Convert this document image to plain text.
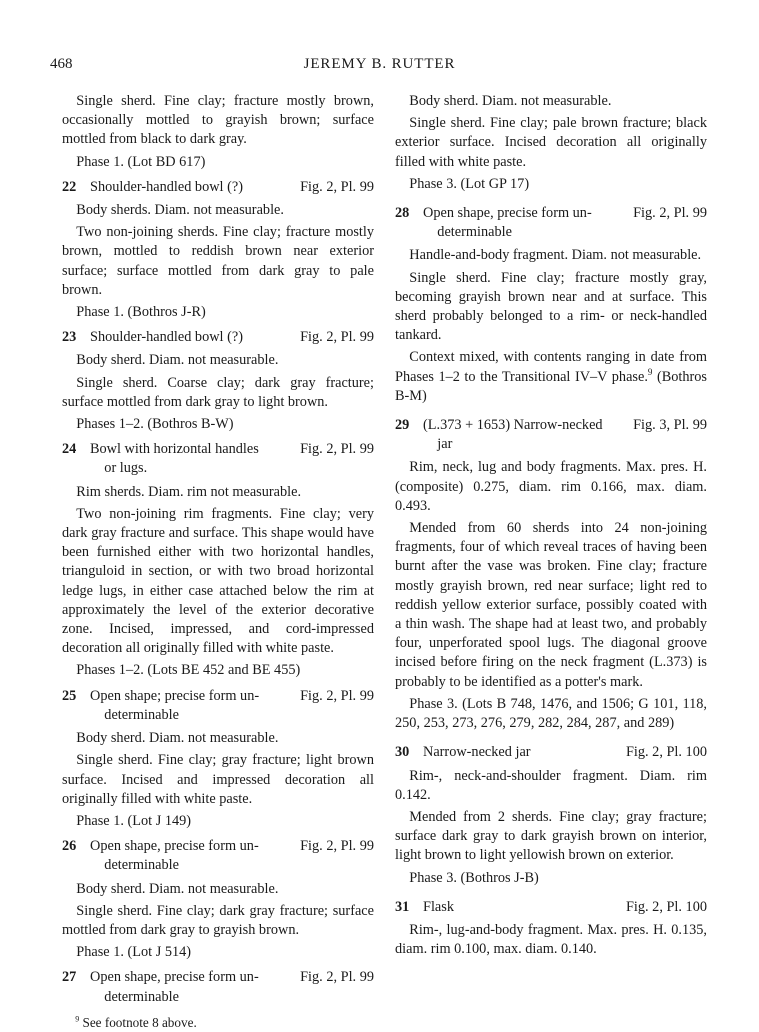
468	JEREMY B. RUTTER

Single sherd. Fine clay; fracture mostly brown, occasionally mottled to grayish brown; surface mottled from black to dark gray.

Phase 1. (Lot BD 617)

22 Shoulder-handled bowl (?)	Fig. 2, Pl. 99

Body sherds. Diam. not measurable.

Two non-joining sherds. Fine clay; fracture mostly brown, mottled to reddish brown near exterior surface; surface mottled from dark gray to pale brown.

Phase 1. (Bothros J-R)

23 Shoulder-handled bowl (?)	Fig. 2, Pl. 99

Body sherd. Diam. not measurable.

Single sherd. Coarse clay; dark gray fracture; surface mottled from dark gray to light brown.

Phases 1–2. (Bothros B-W)

24 Bowl with horizontal handles
or lugs.
Fig. 2, Pl. 99

Rim sherds. Diam. rim not measurable.

Two non-joining rim fragments. Fine clay; very dark gray fracture and surface. This shape would have been furnished either with two horizontal handles, trianguloid in section, or with two broad horizontal ledge lugs, in either case attached below the rim at approximately the level of the exterior decorative zone. Incised, impressed, and cord-impressed decoration all originally filled with white paste.

Phases 1–2. (Lots BE 452 and BE 455)

25 Open shape; precise form un-
determinable
Fig. 2, Pl. 99

Body sherd. Diam. not measurable.

Single sherd. Fine clay; gray fracture; light brown surface. Incised and impressed decoration all originally filled with white paste.

Phase 1. (Lot J 149)

26 Open shape, precise form un-
determinable
Fig. 2, Pl. 99

Body sherd. Diam. not measurable.

Single sherd. Fine clay; dark gray fracture; surface mottled from dark gray to grayish brown.

Phase 1. (Lot J 514)

27 Open shape, precise form un-
determinable
Fig. 2, Pl. 99
$^9$ See footnote 8 above.

Body sherd. Diam. not measurable.

Single sherd. Fine clay; pale brown fracture; black exterior surface. Incised decoration all originally filled with white paste.

Phase 3. (Lot GP 17)

28 Open shape, precise form un-
determinable
Fig. 2, Pl. 99

Handle-and-body fragment. Diam. not measurable.

Single sherd. Fine clay; fracture mostly gray, becoming grayish brown near and at surface. This sherd probably belonged to a rim- or neck-handled tankard.

Context mixed, with contents ranging in date from Phases 1–2 to the Transitional IV–V phase.$^9$ (Bothros B-M)

29 (L.373 + 1653) Narrow-necked
jar
Fig. 3, Pl. 99

Rim, neck, lug and body fragments. Max. pres. H. (composite) 0.275, diam. rim 0.166, max. diam. 0.493.

Mended from 60 sherds into 24 non-joining fragments, four of which reveal traces of having been burnt after the vase was broken. Fine clay; fracture mostly grayish brown, red near surface; light red to reddish yellow exterior surface, possibly coated with a thin wash. The shape had at least two, and probably four, unperforated spool lugs. The diagonal groove incised before firing on the neck fragment (L.373) is probably to be identified as a potter's mark.

Phase 3. (Lots B 748, 1476, and 1506; G 101, 118, 250, 253, 273, 276, 279, 282, 284, 287, and 289)

30 Narrow-necked jar	Fig. 2, Pl. 100

Rim-, neck-and-shoulder fragment. Diam. rim 0.142.

Mended from 2 sherds. Fine clay; gray fracture; surface dark gray to dark grayish brown on interior, light brown to light yellowish brown on exterior.

Phase 3. (Bothros J-B)

31 Flask	Fig. 2, Pl. 100

Rim-, lug-and-body fragment. Max. pres. H. 0.135, diam. rim 0.100, max. diam. 0.140.
